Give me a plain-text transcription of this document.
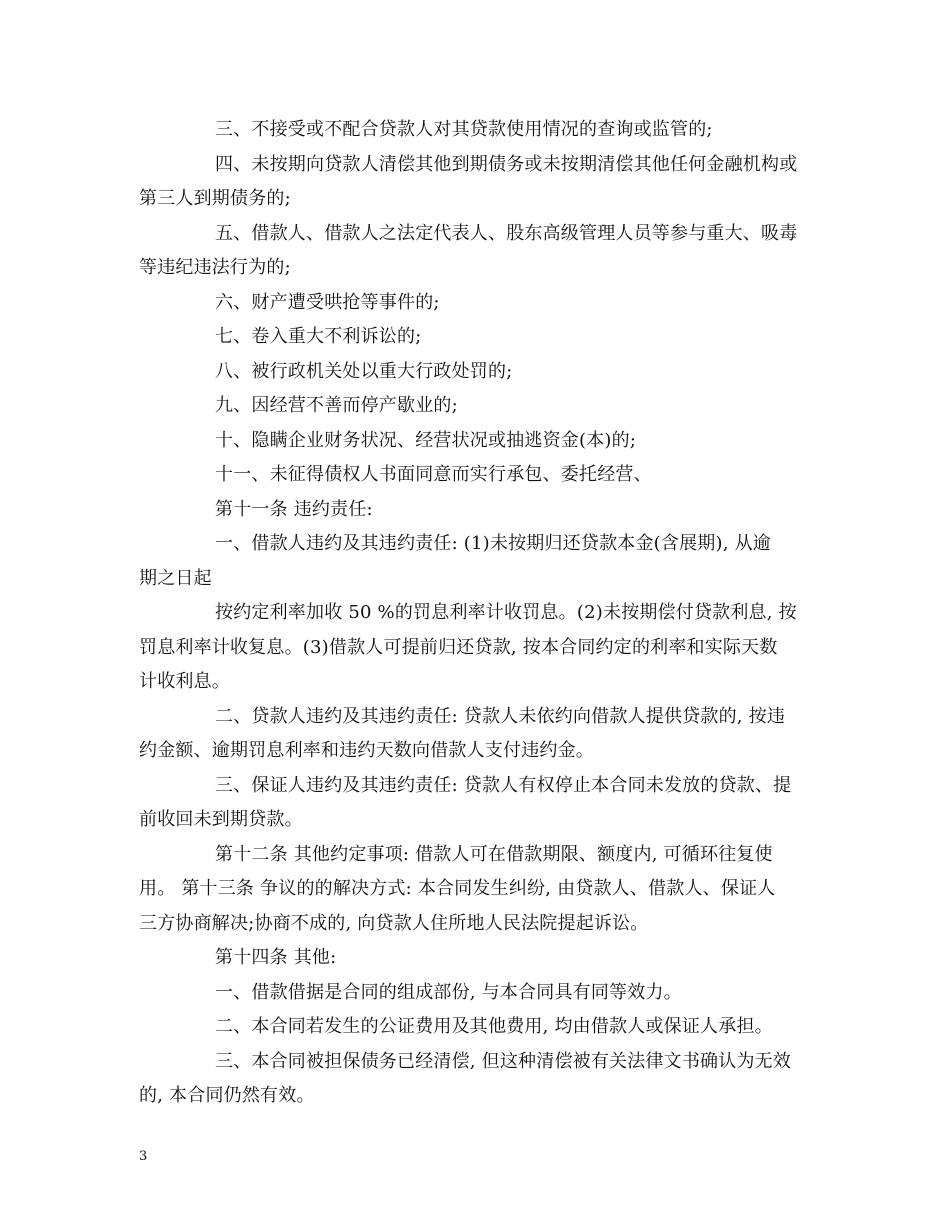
三、不接受或不配合贷款人对其贷款使用情况的查询或监管的;

四、未按期向贷款人清偿其他到期债务或未按期清偿其他任何金融机构或
第三人到期债务的;

五、借款人、借款人之法定代表人、股东高级管理人员等参与重大、吸毒
等违纪违法行为的;

六、财产遭受哄抢等事件的;

七、卷入重大不利诉讼的;

八、被行政机关处以重大行政处罚的;

九、因经营不善而停产歇业的;

十、隐瞒企业财务状况、经营状况或抽逃资金(本)的;

十一、未征得债权人书面同意而实行承包、委托经营、

第十一条 违约责任:

一、借款人违约及其违约责任: (1)未按期归还贷款本金(含展期), 从逾
期之日起

按约定利率加收 50 %的罚息利率计收罚息。(2)未按期偿付贷款利息, 按
罚息利率计收复息。(3)借款人可提前归还贷款, 按本合同约定的利率和实际天数
计收利息。

二、贷款人违约及其违约责任: 贷款人未依约向借款人提供贷款的, 按违
约金额、逾期罚息利率和违约天数向借款人支付违约金。

三、保证人违约及其违约责任: 贷款人有权停止本合同未发放的贷款、提
前收回未到期贷款。

第十二条 其他约定事项: 借款人可在借款期限、额度内, 可循环往复使
用。 第十三条 争议的的解决方式: 本合同发生纠纷, 由贷款人、借款人、保证人
三方协商解决;协商不成的, 向贷款人住所地人民法院提起诉讼。

第十四条 其他:

一、借款借据是合同的组成部份, 与本合同具有同等效力。

二、本合同若发生的公证费用及其他费用, 均由借款人或保证人承担。

三、本合同被担保债务已经清偿, 但这种清偿被有关法律文书确认为无效
的, 本合同仍然有效。

3
